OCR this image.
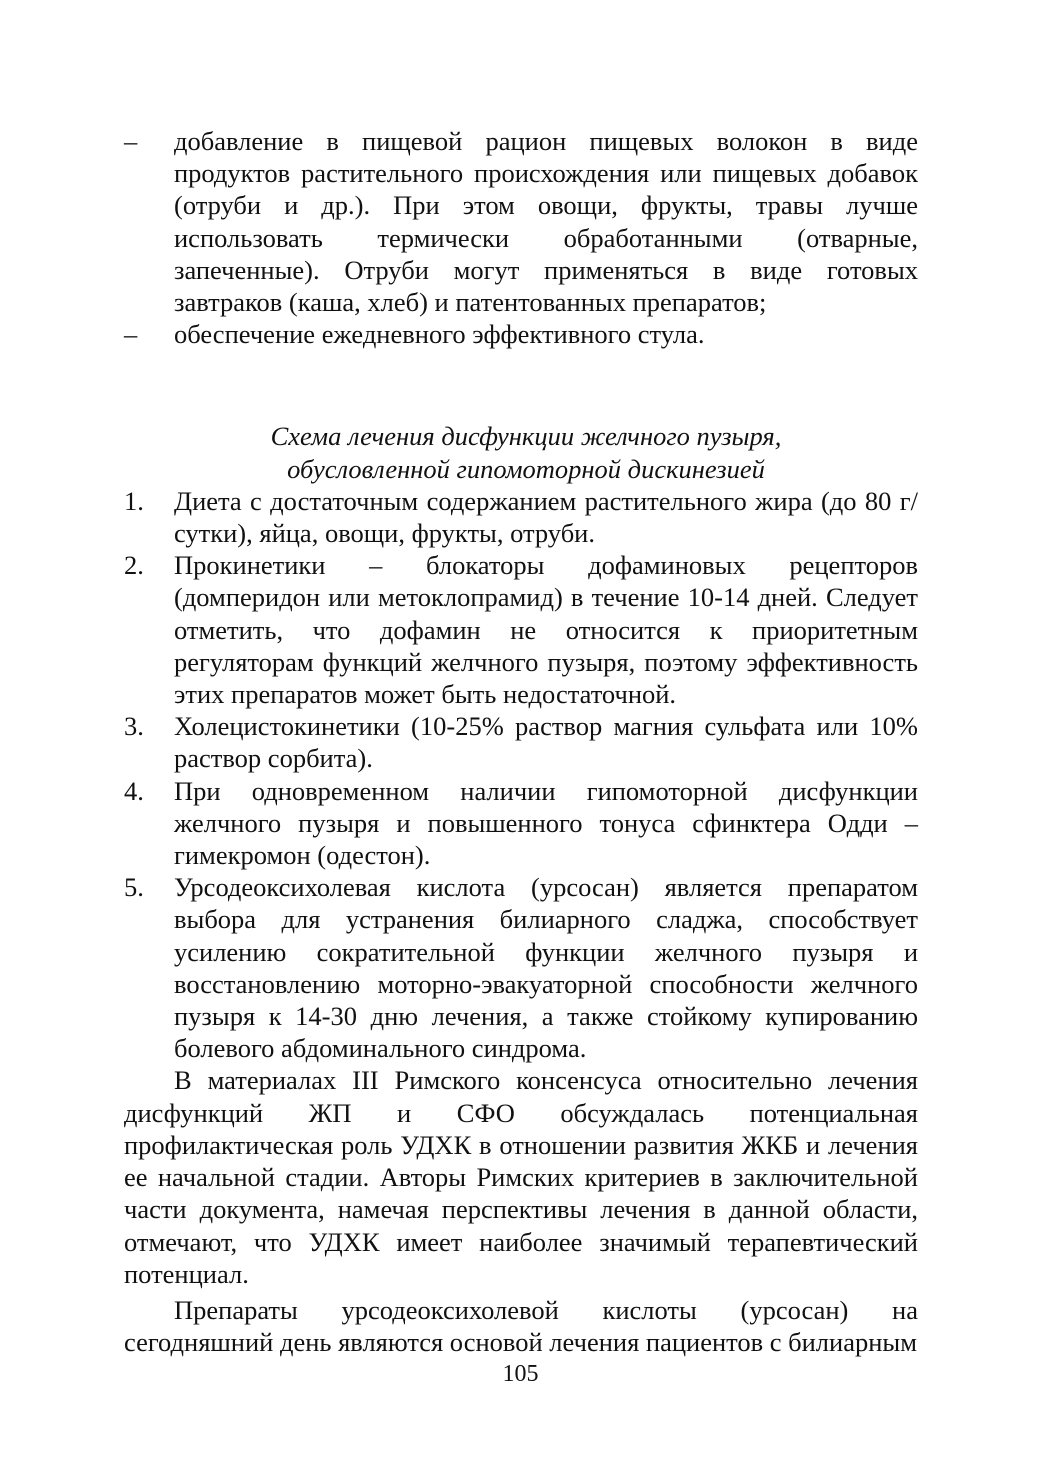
– добавление в пищевой рацион пищевых волокон в виде продуктов растительного происхождения или пищевых добавок (отруби и др.). При этом овощи, фрукты, травы лучше использовать термически обработанными (отварные, запеченные). Отруби могут применяться в виде готовых завтраков (каша, хлеб) и патентованных препаратов;
– обеспечение ежедневного эффективного стула.
Схема лечения дисфункции желчного пузыря,
обусловленной гипомоторной дискинезией
1. Диета с достаточным содержанием растительного жира (до 80 г/сутки), яйца, овощи, фрукты, отруби.
2. Прокинетики – блокаторы дофаминовых рецепторов (домперидон или метоклопрамид) в течение 10-14 дней. Следует отметить, что дофамин не относится к приоритетным регуляторам функций желчного пузыря, поэтому эффективность этих препаратов может быть недостаточной.
3. Холецистокинетики (10-25% раствор магния сульфата или 10% раствор сорбита).
4. При одновременном наличии гипомоторной дисфункции желчного пузыря и повышенного тонуса сфинктера Одди – гимекромон (одестон).
5. Урсодеоксихолевая кислота (урсосан) является препаратом выбора для устранения билиарного сладжа, способствует усилению сократительной функции желчного пузыря и восстановлению моторно-эвакуаторной способности желчного пузыря к 14-30 дню лечения, а также стойкому купированию болевого абдоминального синдрома.

В материалах III Римского консенсуса относительно лечения дисфункций ЖП и СФО обсуждалась потенциальная профилактическая роль УДХК в отношении развития ЖКБ и лечения ее начальной стадии. Авторы Римских критериев в заключительной части документа, намечая перспективы лечения в данной области, отмечают, что УДХК имеет наиболее значимый терапевтический потенциал.

Препараты урсодеоксихолевой кислоты (урсосан) на сегодняшний день являются основой лечения пациентов с билиарным

105
